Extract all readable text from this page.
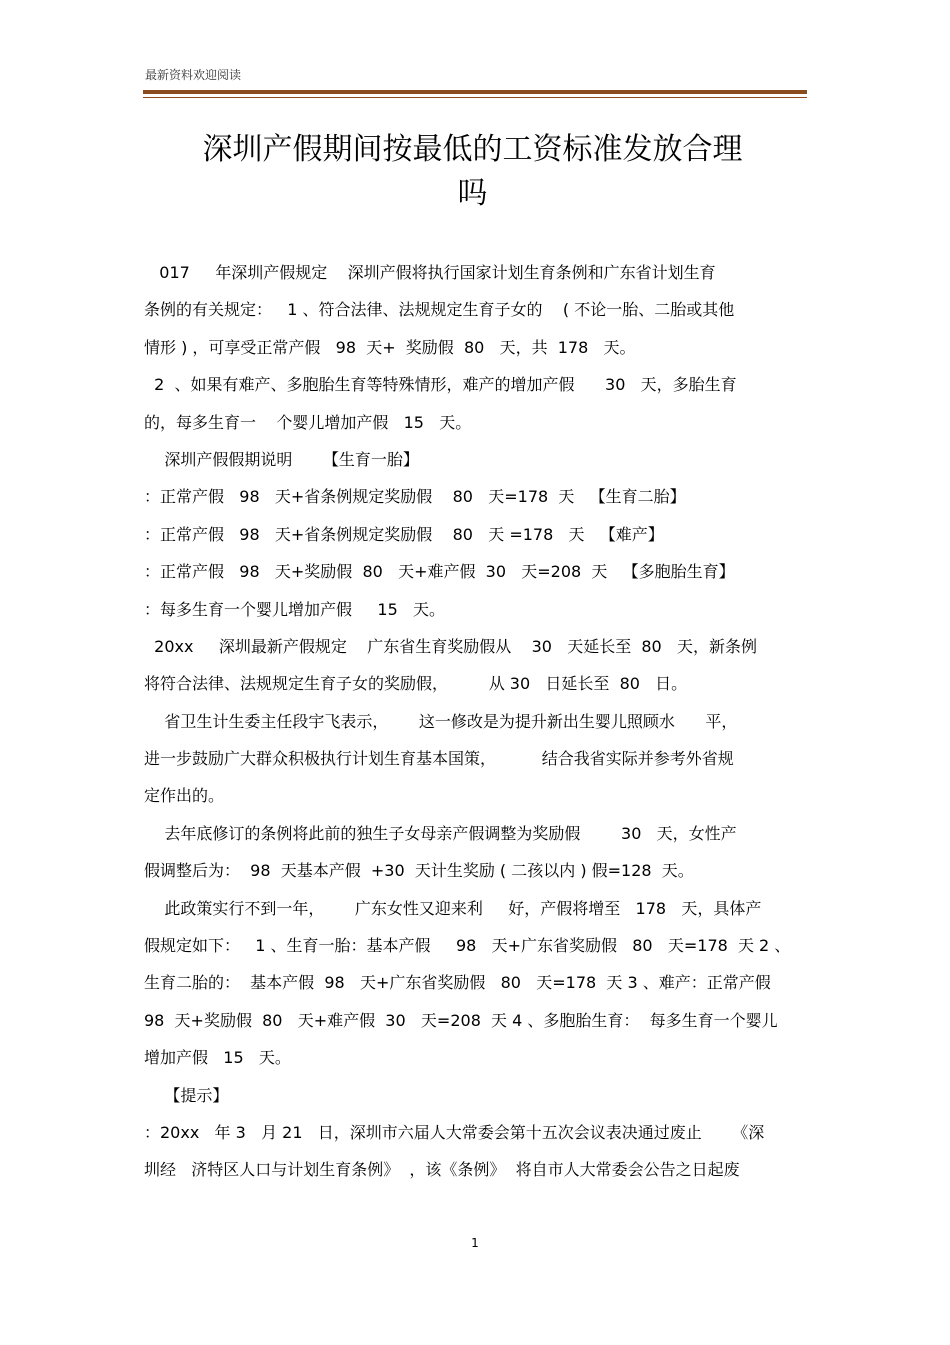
最新资料欢迎阅读
深圳产假期间按最低的工资标准发放合理
吗
017     年深圳产假规定    深圳产假将执行国家计划生育条例和广东省计划生育
条例的有关规定：   1 、符合法律、法规规定生育子女的    ( 不论一胎、二胎或其他
情形 ) ，可享受正常产假   98  天+  奖励假  80   天，共  178   天。
2  、如果有难产、多胞胎生育等特殊情形，难产的增加产假      30   天，多胎生育
的，每多生育一    个婴儿增加产假   15   天。
深圳产假假期说明      【生育一胎】
：正常产假   98   天+省条例规定奖励假    80   天=178  天   【生育二胎】
：正常产假   98   天+省条例规定奖励假    80   天 =178   天   【难产】
：正常产假   98   天+奖励假  80   天+难产假  30   天=208  天   【多胞胎生育】
：每多生育一个婴儿增加产假     15   天。
20xx     深圳最新产假规定    广东省生育奖励假从    30   天延长至  80   天，新条例
将符合法律、法规规定生育子女的奖励假，        从 30   日延长至  80   日。
省卫生计生委主任段宇飞表示，      这一修改是为提升新出生婴儿照顾水      平，
进一步鼓励广大群众积极执行计划生育基本国策，         结合我省实际并参考外省规
定作出的。
去年底修订的条例将此前的独生子女母亲产假调整为奖励假        30   天，女性产
假调整后为：  98  天基本产假  +30  天计生奖励 ( 二孩以内 ) 假=128  天。
此政策实行不到一年，      广东女性又迎来利     好，产假将增至   178   天，具体产
假规定如下：   1 、生育一胎：基本产假     98   天+广东省奖励假   80   天=178  天 2 、
生育二胎的：  基本产假  98   天+广东省奖励假   80   天=178  天 3 、难产：正常产假
98  天+奖励假  80   天+难产假  30   天=208  天 4 、多胞胎生育：  每多生育一个婴儿
增加产假   15   天。
【提示】
：20xx   年 3   月 21   日，深圳市六届人大常委会第十五次会议表决通过废止      《深
圳经   济特区人口与计划生育条例》  ，该《条例》  将自市人大常委会公告之日起废
1
